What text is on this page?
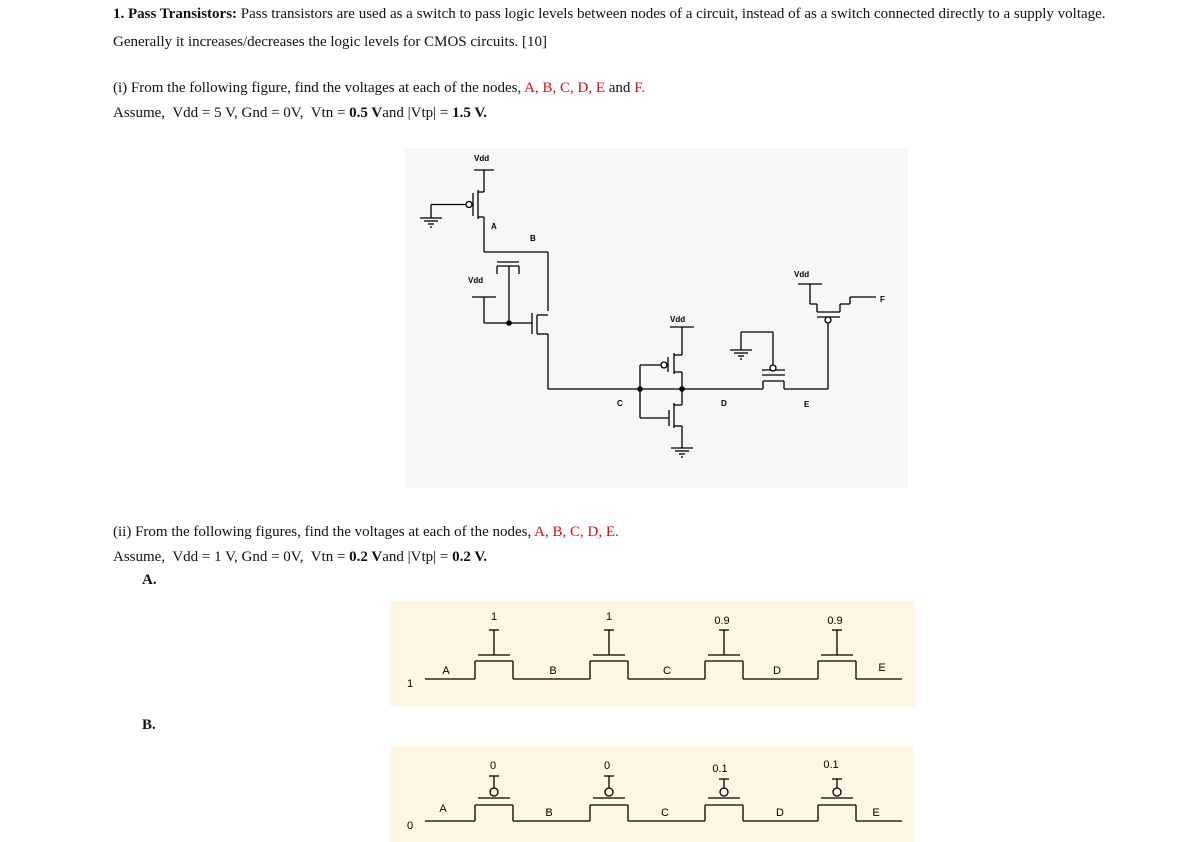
1. Pass Transistors: Pass transistors are used as a switch to pass logic levels between nodes of a circuit, instead of as a switch connected directly to a supply voltage.
Generally it increases/decreases the logic levels for CMOS circuits. [10]
(i) From the following figure, find the voltages at each of the nodes, A, B, C, D, E and F.
Assume, Vdd = 5 V, Gnd = 0V, Vtn = 0.5 Vand |Vtp| = 1.5 V.
Vdd
Vdd
Vdd
Vdd
A
B
C	D	E
F
(ii) From the following figures, find the voltages at each of the nodes, A, B, C, D, E.
Assume, Vdd = 1 V, Gnd = 0V, Vtn = 0.2 Vand |Vtp| = 0.2 V.
A.
1	1	0.9	0.9
1
A	B	C	D	E
B.
0	0	0.1	0.1
0
A	B	C	D	E
